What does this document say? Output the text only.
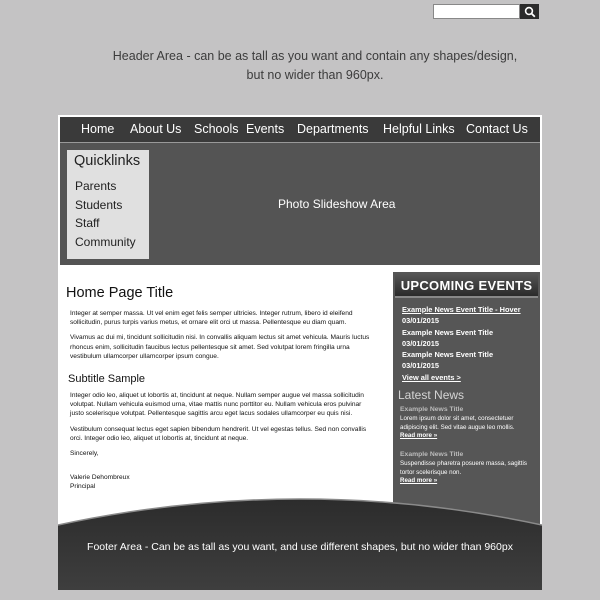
Header Area - can be as tall as you want and contain any shapes/design,
but no wider than 960px.
Home About Us Schools Events Departments Helpful Links Contact Us
Quicklinks
Parents
Students
Staff
Community
Photo Slideshow Area
Home Page Title

Integer at semper massa. Ut vel enim eget felis semper ultricies. Integer rutrum, libero id eleifend sollicitudin, purus turpis varius metus, et ornare elit orci ut massa. Pellentesque eu diam quam.

Vivamus ac dui mi, tincidunt sollicitudin nisi. In convallis aliquam lectus sit amet vehicula. Mauris luctus rhoncus enim, sollicitudin faucibus lectus pellentesque sit amet. Sed volutpat lorem fringilla urna vestibulum ullamcorper ullamcorper ipsum congue.

Subtitle Sample

Integer odio leo, aliquet ut lobortis at, tincidunt at neque. Nullam semper augue vel massa sollicitudin volutpat. Nullam vehicula euismod urna, vitae mattis nunc porttitor eu. Nullam vehicula eros pulvinar justo scelerisque volutpat. Pellentesque sagittis arcu eget lacus sodales ullamcorper eu quis nisi.

Vestibulum consequat lectus eget sapien bibendum hendrerit. Ut vel egestas tellus. Sed non convallis orci. Integer odio leo, aliquet ut lobortis at, tincidunt at neque.

Sincerely,

Valerie Dehombreux
Principal

UPCOMING EVENTS
Example News Event Title - Hover
03/01/2015
Example News Event Title
03/01/2015
Example News Event Title
03/01/2015
View all events >
Latest News
Example News Title
Lorem ipsum dolor sit amet, consectetuer adipiscing elit. Sed vitae augue leo mollis.
Read more »
Example News Title
Suspendisse pharetra posuere massa, sagittis tortor scelerisque non.
Read more »
Footer Area - Can be as tall as you want, and use different shapes, but no wider than 960px
